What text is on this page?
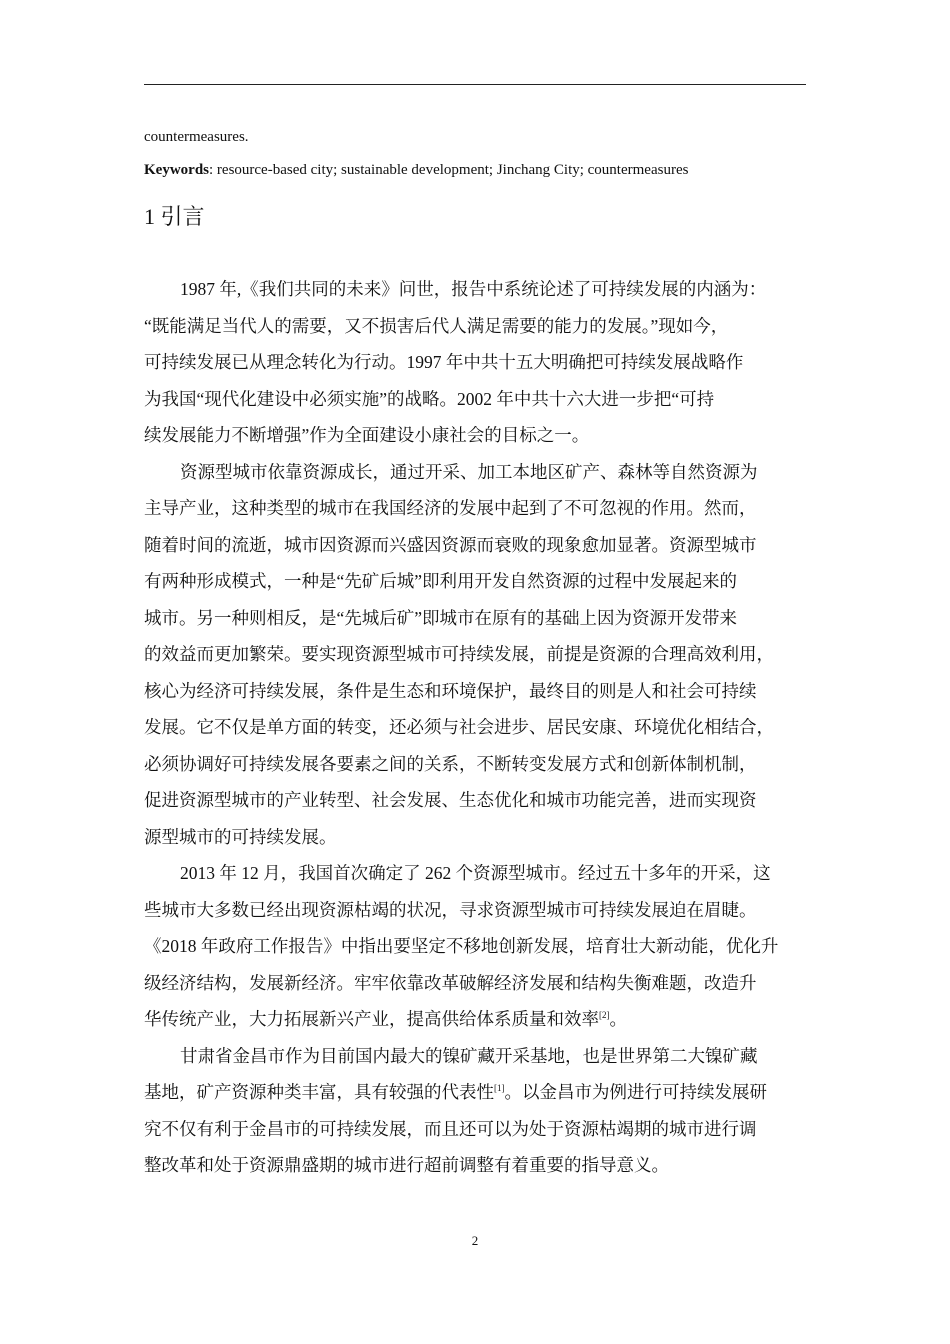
countermeasures.
Keywords: resource-based city; sustainable development; Jinchang City; countermeasures
1 引言
1987 年,《我们共同的未来》问世，报告中系统论述了可持续发展的内涵为：
“既能满足当代人的需要，又不损害后代人满足需要的能力的发展。”现如今，
可持续发展已从理念转化为行动。1997 年中共十五大明确把可持续发展战略作
为我国“现代化建设中必须实施”的战略。2002 年中共十六大进一步把“可持
续发展能力不断增强”作为全面建设小康社会的目标之一。
资源型城市依靠资源成长，通过开采、加工本地区矿产、森林等自然资源为
主导产业，这种类型的城市在我国经济的发展中起到了不可忽视的作用。然而，
随着时间的流逝，城市因资源而兴盛因资源而衰败的现象愈加显著。资源型城市
有两种形成模式，一种是“先矿后城”即利用开发自然资源的过程中发展起来的
城市。另一种则相反，是“先城后矿”即城市在原有的基础上因为资源开发带来
的效益而更加繁荣。要实现资源型城市可持续发展，前提是资源的合理高效利用，
核心为经济可持续发展，条件是生态和环境保护，最终目的则是人和社会可持续
发展。它不仅是单方面的转变，还必须与社会进步、居民安康、环境优化相结合，
必须协调好可持续发展各要素之间的关系，不断转变发展方式和创新体制机制，
促进资源型城市的产业转型、社会发展、生态优化和城市功能完善，进而实现资
源型城市的可持续发展。
2013 年 12 月，我国首次确定了 262 个资源型城市。经过五十多年的开采，这
些城市大多数已经出现资源枯竭的状况，寻求资源型城市可持续发展迫在眉睫。
《2018 年政府工作报告》中指出要坚定不移地创新发展，培育壮大新动能，优化升
级经济结构，发展新经济。牢牢依靠改革破解经济发展和结构失衡难题，改造升
华传统产业，大力拓展新兴产业，提高供给体系质量和效率[2]。
甘肃省金昌市作为目前国内最大的镍矿藏开采基地，也是世界第二大镍矿藏
基地，矿产资源种类丰富，具有较强的代表性[1]。以金昌市为例进行可持续发展研
究不仅有利于金昌市的可持续发展，而且还可以为处于资源枯竭期的城市进行调
整改革和处于资源鼎盛期的城市进行超前调整有着重要的指导意义。
2
